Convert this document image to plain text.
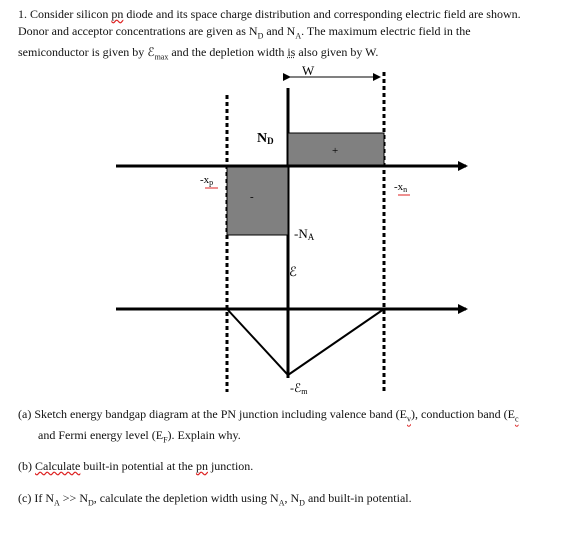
1. Consider silicon pn diode and its space charge distribution and corresponding electric field are shown.
Donor and acceptor concentrations are given as $N_D$ and $N_A$. The maximum electric field in the
semiconductor is given by ℰ$_{max}$ and the depletion width is also given by W.
W
+
-
ND
-NA
-xp	-xn
ℰ
-ℰm
(a) Sketch energy bandgap diagram at the PN junction including valence band $(E_v)$, conduction band ($E_c$
and Fermi energy level $(E_F)$. Explain why.
(b) Calculate built-in potential at the pn junction.
(c) If $N_A >> N_D$, calculate the depletion width using $N_A$, $N_D$ and built-in potential.
